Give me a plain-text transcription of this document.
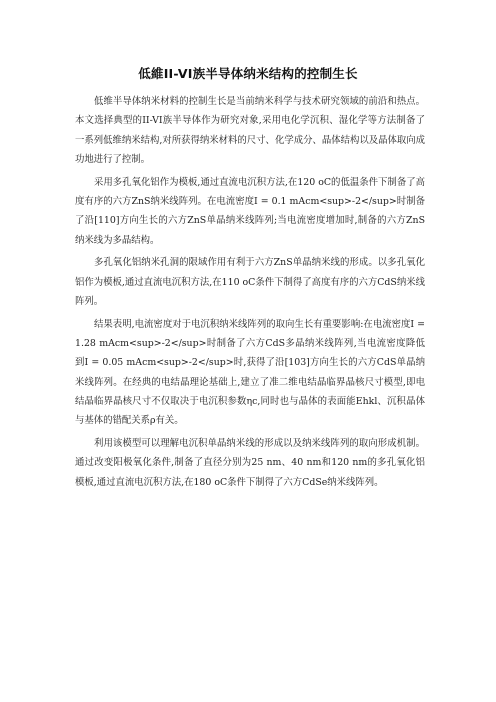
低維II-VI族半导体纳米结构的控制生长

低维半导体纳米材料的控制生长是当前纳米科学与技术研究领域的前沿和热点。本文选择典型的II-VI族半导体作为研究对象,采用电化学沉积、湿化学等方法制备了一系列低维纳米结构,对所获得纳米材料的尺寸、化学成分、晶体结构以及晶体取向成功地进行了控制。

采用多孔氧化铝作为模板,通过直流电沉积方法,在120 oC的低温条件下制备了高度有序的六方ZnS纳米线阵列。在电流密度I = 0.1 mAcm<sup>-2</sup>时制备了沿[110]方向生长的六方ZnS单晶纳米线阵列;当电流密度增加时,制备的六方ZnS纳米线为多晶结构。

多孔氧化铝纳米孔洞的限域作用有利于六方ZnS单晶纳米线的形成。以多孔氧化铝作为模板,通过直流电沉积方法,在110 oC条件下制得了高度有序的六方CdS纳米线阵列。

结果表明,电流密度对于电沉积纳米线阵列的取向生长有重要影响:在电流密度I = 1.28 mAcm<sup>-2</sup>时制备了六方CdS多晶纳米线阵列,当电流密度降低到I = 0.05 mAcm<sup>-2</sup>时,获得了沿[103]方向生长的六方CdS单晶纳米线阵列。在经典的电结晶理论基础上,建立了准二维电结晶临界晶核尺寸模型,即电结晶临界晶核尺寸不仅取决于电沉积参数ηc,同时也与晶体的表面能Ehkl、沉积晶体与基体的错配关系ρ有关。

利用该模型可以理解电沉积单晶纳米线的形成以及纳米线阵列的取向形成机制。通过改变阳极氧化条件,制备了直径分别为25 nm、40 nm和120 nm的多孔氧化铝模板,通过直流电沉积方法,在180 oC条件下制得了六方CdSe纳米线阵列。
